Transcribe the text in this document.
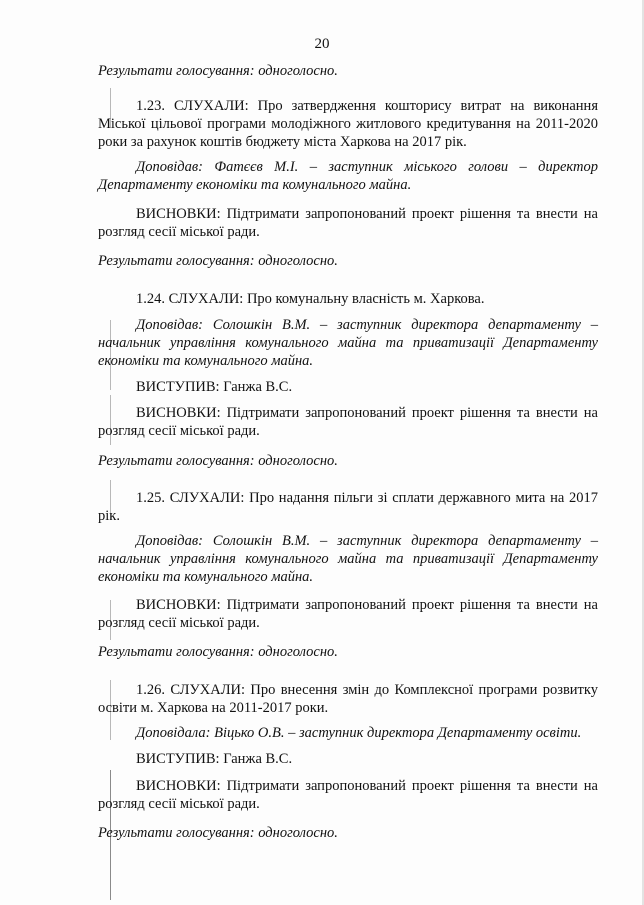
20
Результати голосування: одноголосно.
1.23. СЛУХАЛИ: Про затвердження кошторису витрат на виконання Міської цільової програми молодіжного житлового кредитування на 2011-2020 роки за рахунок коштів бюджету міста Харкова на 2017 рік.
Доповідав: Фатєєв М.І. – заступник міського голови – директор Департаменту економіки та комунального майна.
ВИСНОВКИ: Підтримати запропонований проект рішення та внести на розгляд сесії міської ради.
Результати голосування: одноголосно.
1.24. СЛУХАЛИ: Про комунальну власність м. Харкова.
Доповідав: Солошкін В.М. – заступник директора департаменту – начальник управління комунального майна та приватизації Департаменту економіки та комунального майна.
ВИСТУПИВ: Ганжа В.С.
ВИСНОВКИ: Підтримати запропонований проект рішення та внести на розгляд сесії міської ради.
Результати голосування: одноголосно.
1.25. СЛУХАЛИ: Про надання пільги зі сплати державного мита на 2017 рік.
Доповідав: Солошкін В.М. – заступник директора департаменту – начальник управління комунального майна та приватизації Департаменту економіки та комунального майна.
ВИСНОВКИ: Підтримати запропонований проект рішення та внести на розгляд сесії міської ради.
Результати голосування: одноголосно.
1.26. СЛУХАЛИ: Про внесення змін до Комплексної програми розвитку освіти м. Харкова на 2011-2017 роки.
Доповідала: Віцько О.В. – заступник директора Департаменту освіти.
ВИСТУПИВ: Ганжа В.С.
ВИСНОВКИ: Підтримати запропонований проект рішення та внести на розгляд сесії міської ради.
Результати голосування: одноголосно.
